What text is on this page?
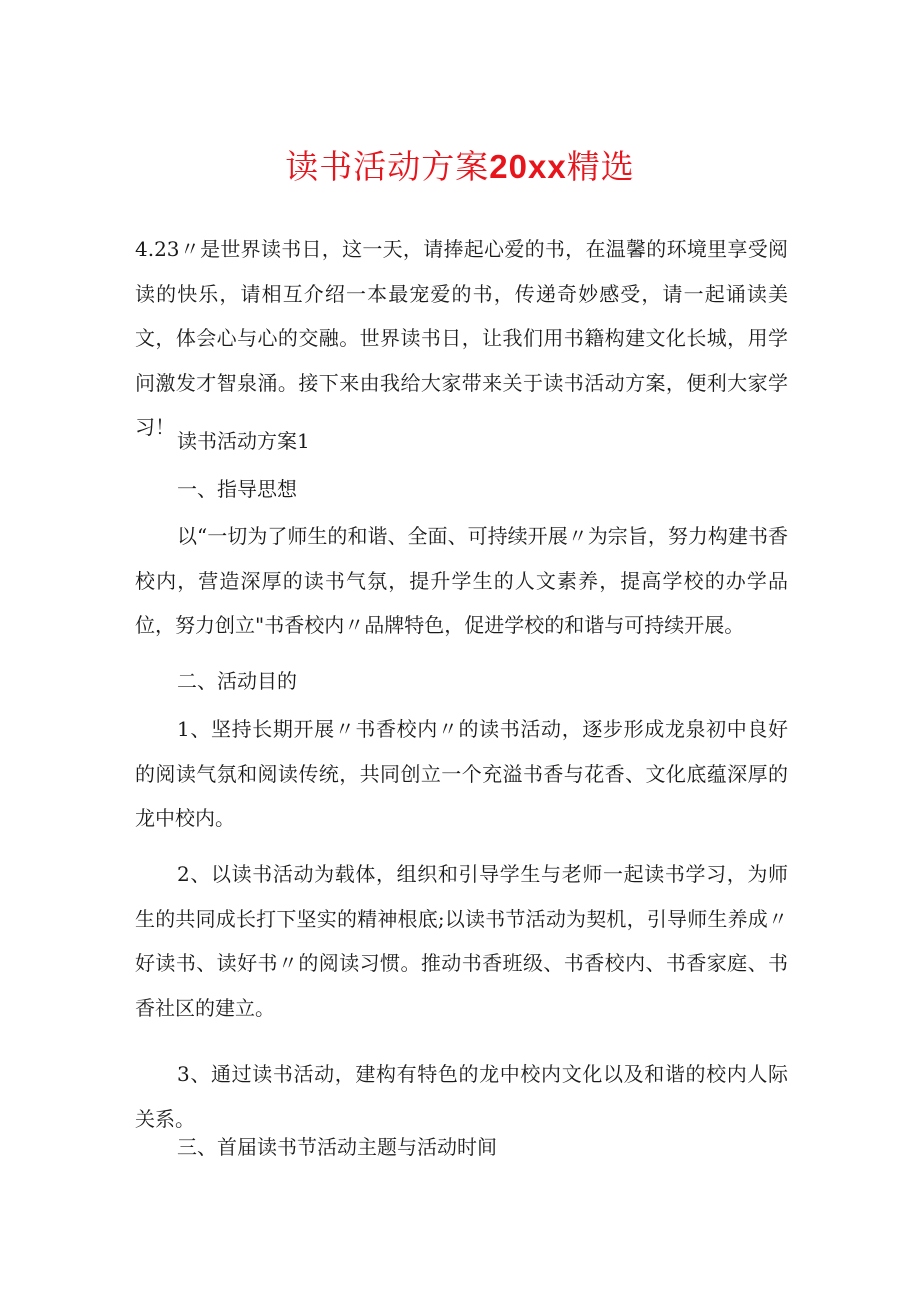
读书活动方案20xx精选

4.23〃是世界读书日，这一天，请捧起心爱的书，在温馨的环境里享受阅读的快乐，请相互介绍一本最宠爱的书，传递奇妙感受，请一起诵读美文，体会心与心的交融。世界读书日，让我们用书籍构建文化长城，用学问激发才智泉涌。接下来由我给大家带来关于读书活动方案，便利大家学习！

读书活动方案1

一、指导思想

以“一切为了师生的和谐、全面、可持续开展〃为宗旨，努力构建书香校内，营造深厚的读书气氛，提升学生的人文素养，提高学校的办学品位，努力创立"书香校内〃品牌特色，促进学校的和谐与可持续开展。

二、活动目的

1、坚持长期开展〃书香校内〃的读书活动，逐步形成龙泉初中良好的阅读气氛和阅读传统，共同创立一个充溢书香与花香、文化底蕴深厚的龙中校内。

2、以读书活动为载体，组织和引导学生与老师一起读书学习，为师生的共同成长打下坚实的精神根底;以读书节活动为契机，引导师生养成〃好读书、读好书〃的阅读习惯。推动书香班级、书香校内、书香家庭、书香社区的建立。

3、通过读书活动，建构有特色的龙中校内文化以及和谐的校内人际关系。

三、首届读书节活动主题与活动时间
